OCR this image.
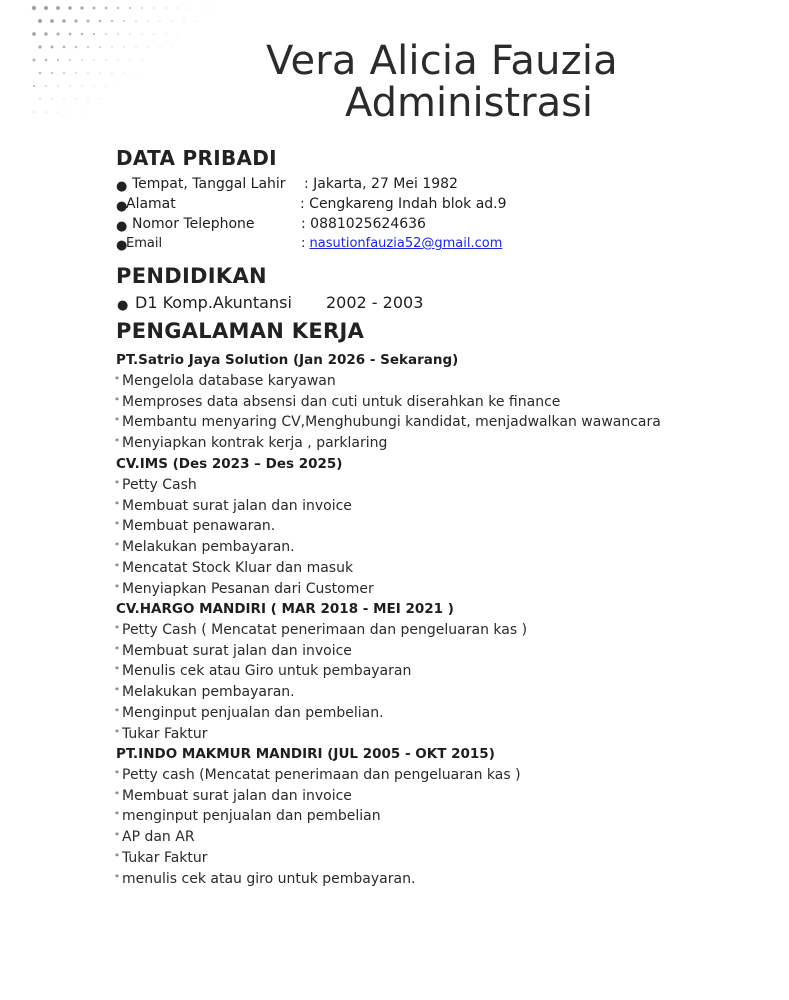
Vera Alicia Fauzia
Administrasi
DATA PRIBADI
● Tempat, Tanggal Lahir : Jakarta, 27 Mei 1982
●
Alamat	: Cengkareng Indah blok ad.9
● Nomor Telephone	: 0881025624636
●
Email	: nasutionfauzia52@gmail.com
PENDIDIKAN
● D1 Komp.Akuntansi 2002 - 2003
PENGALAMAN KERJA
PT.Satrio Jaya Solution (Jan 2026 - Sekarang)
* Mengelola database karyawan
* Memproses data absensi dan cuti untuk diserahkan ke finance
* Membantu menyaring CV,Menghubungi kandidat, menjadwalkan wawancara
* Menyiapkan kontrak kerja , parklaring
CV.IMS (Des 2023 – Des 2025)
* Petty Cash
* Membuat surat jalan dan invoice
* Membuat penawaran.
* Melakukan pembayaran.
* Mencatat Stock Kluar dan masuk
* Menyiapkan Pesanan dari Customer
CV.HARGO MANDIRI ( MAR 2018 - MEI 2021 )
* Petty Cash ( Mencatat penerimaan dan pengeluaran kas )
* Membuat surat jalan dan invoice
* Menulis cek atau Giro untuk pembayaran
* Melakukan pembayaran.
* Menginput penjualan dan pembelian.
* Tukar Faktur
PT.INDO MAKMUR MANDIRI (JUL 2005 - OKT 2015)
* Petty cash (Mencatat penerimaan dan pengeluaran kas )
* Membuat surat jalan dan invoice
* menginput penjualan dan pembelian
* AP dan AR
* Tukar Faktur
* menulis cek atau giro untuk pembayaran.
